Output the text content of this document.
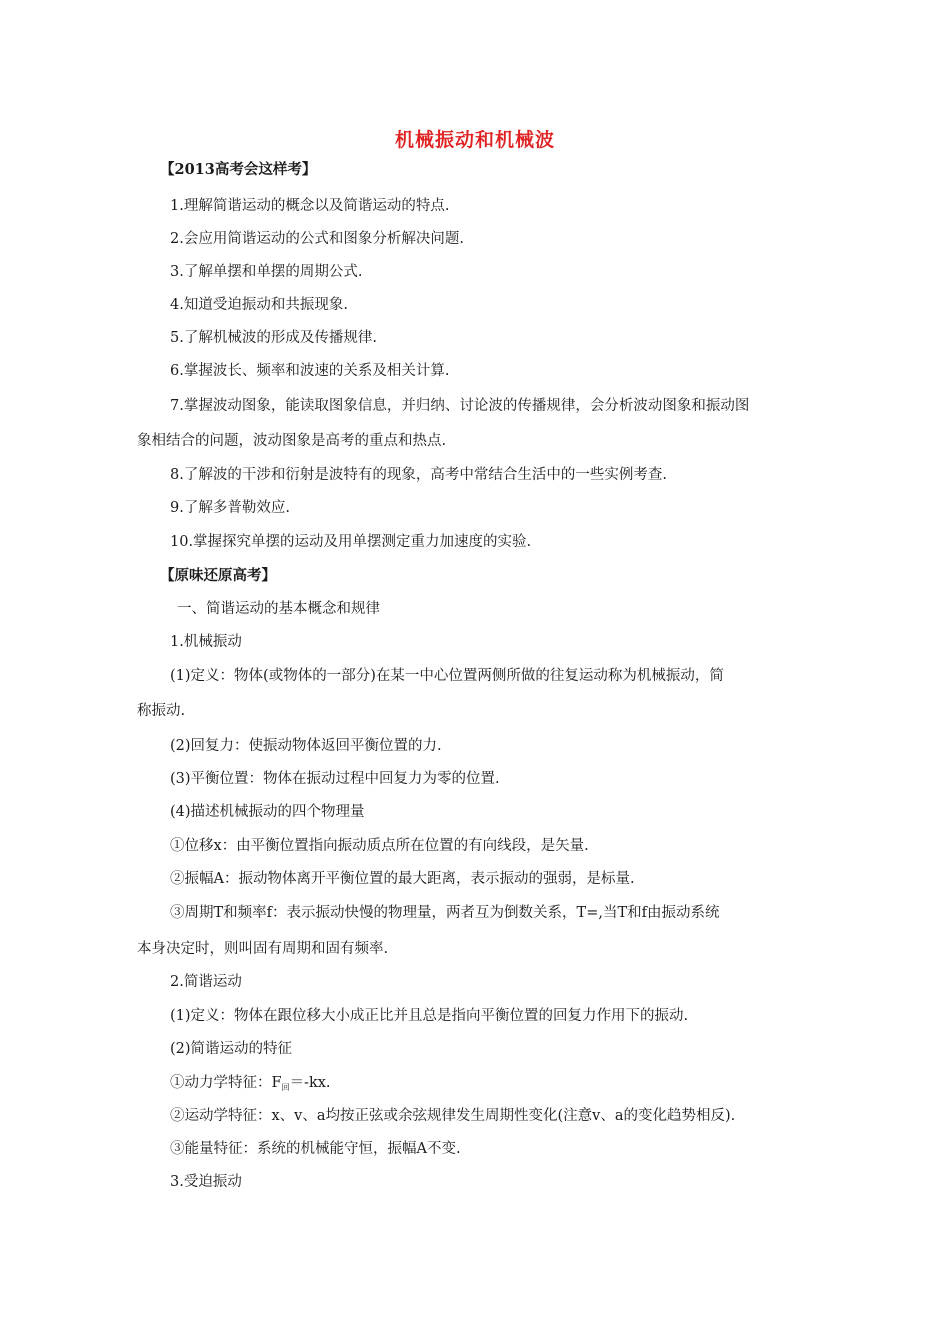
机械振动和机械波
【2013高考会这样考】
1.理解简谐运动的概念以及简谐运动的特点.
2.会应用简谐运动的公式和图象分析解决问题.
3.了解单摆和单摆的周期公式.
4.知道受迫振动和共振现象.
5.了解机械波的形成及传播规律.
6.掌握波长、频率和波速的关系及相关计算.
7.掌握波动图象，能读取图象信息，并归纳、讨论波的传播规律，会分析波动图象和振动图
象相结合的问题，波动图象是高考的重点和热点.
8.了解波的干涉和衍射是波特有的现象，高考中常结合生活中的一些实例考查.
9.了解多普勒效应.
10.掌握探究单摆的运动及用单摆测定重力加速度的实验.
【原味还原高考】
一、简谐运动的基本概念和规律
1.机械振动
(1)定义：物体(或物体的一部分)在某一中心位置两侧所做的往复运动称为机械振动，简
称振动.
(2)回复力：使振动物体返回平衡位置的力.
(3)平衡位置：物体在振动过程中回复力为零的位置.
(4)描述机械振动的四个物理量
①位移x：由平衡位置指向振动质点所在位置的有向线段，是矢量.
②振幅A：振动物体离开平衡位置的最大距离，表示振动的强弱，是标量.
③周期T和频率f：表示振动快慢的物理量，两者互为倒数关系，T=,当T和f由振动系统
本身决定时，则叫固有周期和固有频率.
2.简谐运动
(1)定义：物体在跟位移大小成正比并且总是指向平衡位置的回复力作用下的振动.
(2)简谐运动的特征
①动力学特征：$F_回=-kx$.
②运动学特征：x、v、a均按正弦或余弦规律发生周期性变化(注意v、a的变化趋势相反).
③能量特征：系统的机械能守恒，振幅A不变.
3.受迫振动
